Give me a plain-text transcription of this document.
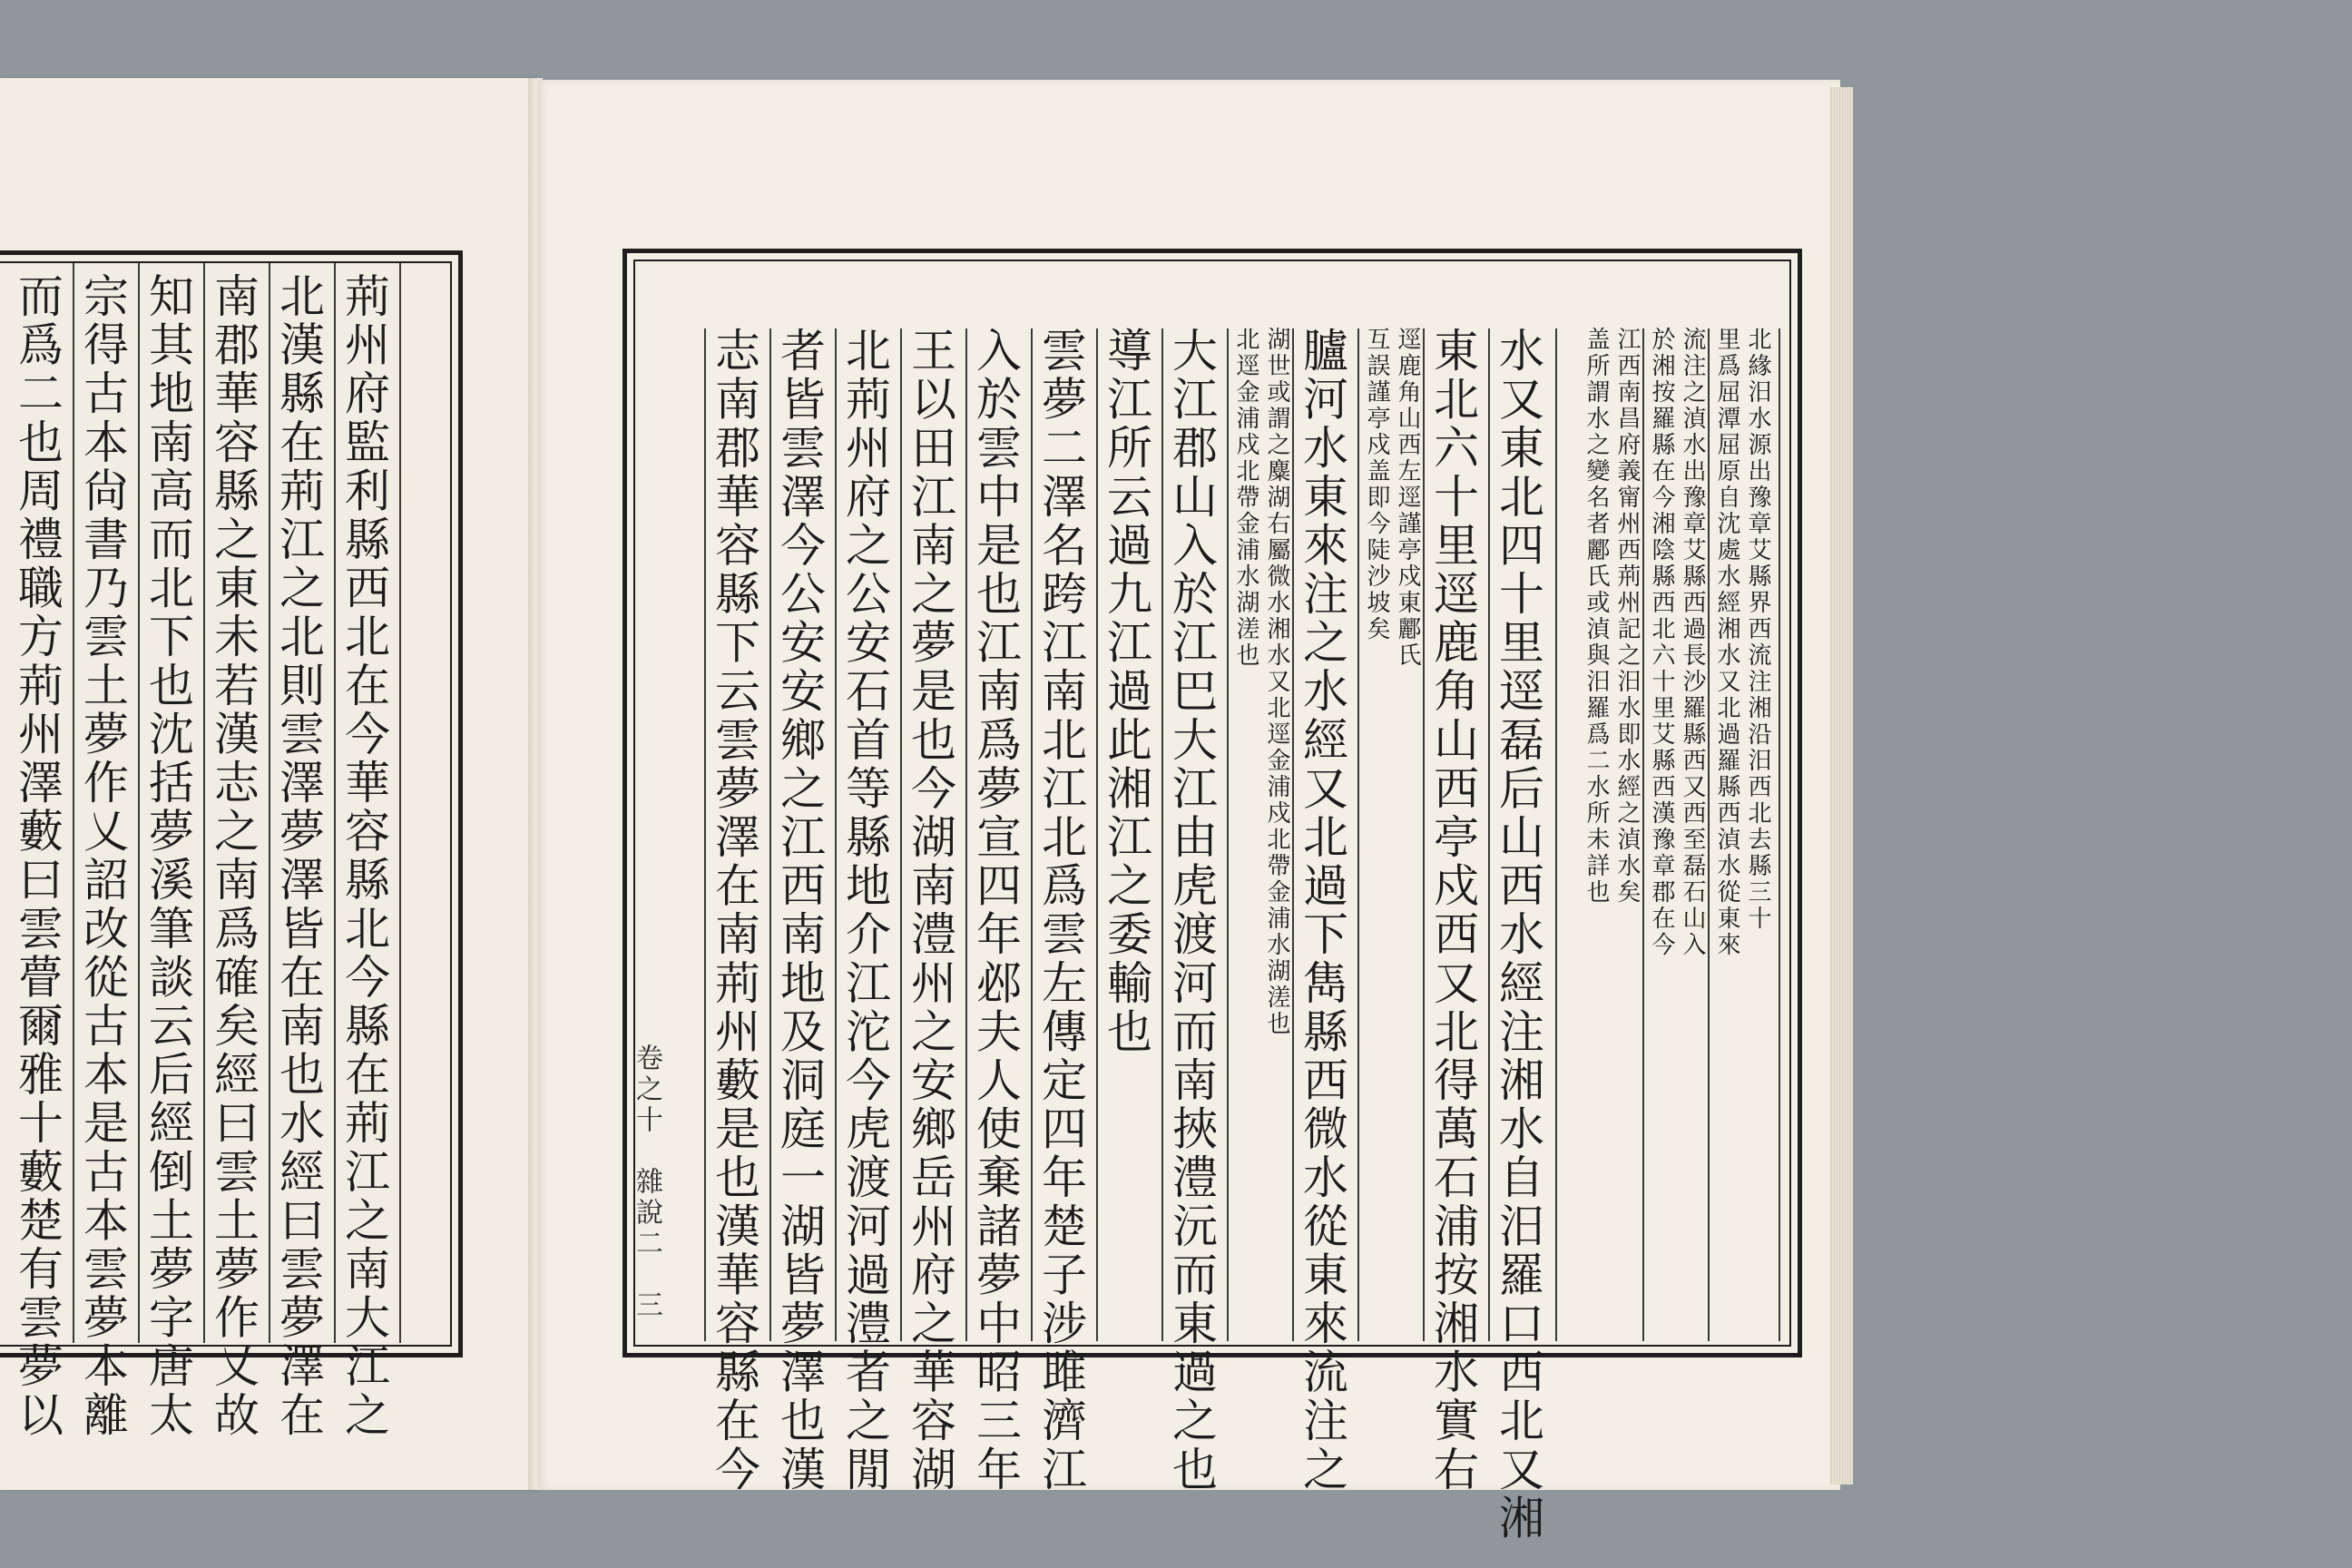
荊州府監利縣西北在今華容縣北今縣在荊江之南大江之
北漢縣在荊江之北則雲澤夢澤皆在南也水經曰雲夢澤在
南郡華容縣之東未若漢志之南爲確矣經曰雲土夢作乂故
知其地南高而北下也沈括夢溪筆談云后經倒土夢字唐太
宗得古本尙書乃雲土夢作乂詔改從古本是古本雲夢本離
而爲二也周禮職方荊州澤藪曰雲瞢爾雅十藪楚有雲夢以	北緣汨水源出豫章艾縣界西流注湘沿汨西北去縣三十
里爲屈潭屈原自沈處水經湘水又北過羅縣西湞水從東來
流注之湞水出豫章艾縣西過長沙羅縣西又西至磊石山入
於湘按羅縣在今湘陰縣西北六十里艾縣西漢豫章郡在今
江西南昌府義甯州西荊州記之汨水即水經之湞水矣
盖所謂水之變名者酈氏或湞與汨羅爲二水所未詳也
水又東北四十里逕磊后山西水經注湘水自汨羅口西北又湘
東北六十里逕鹿角山西亭戍西又北得萬石浦按湘水實右
逕鹿角山西左逕謹亭戍東酈氏
互誤謹亭戍盖即今陡沙坡矣
臚河水東來注之水經又北過下雋縣西微水從東來流注之
湖世或謂之麋湖右屬微水湘水又北逕金浦戍北帶金浦水湖溠也
北逕金浦戍北帶金浦水湖溠也
大江郡山入於江巴大江由虎渡河而南挾澧沅而東過之也
導江所云過九江過此湘江之委輸也
雲夢二澤名跨江南北江北爲雲左傳定四年楚子涉雎濟江
入於雲中是也江南爲夢宣四年邲夫人使棄諸夢中昭三年
王以田江南之夢是也今湖南澧州之安鄉岳州府之華容湖
北荊州府之公安石首等縣地介江沱今虎渡河過澧者之閒
者皆雲澤今公安安鄉之江西南地及洞庭一湖皆夢澤也漢
志南郡華容縣下云雲夢澤在南荊州藪是也漢華容縣在今
卷之十　雜說二　三
